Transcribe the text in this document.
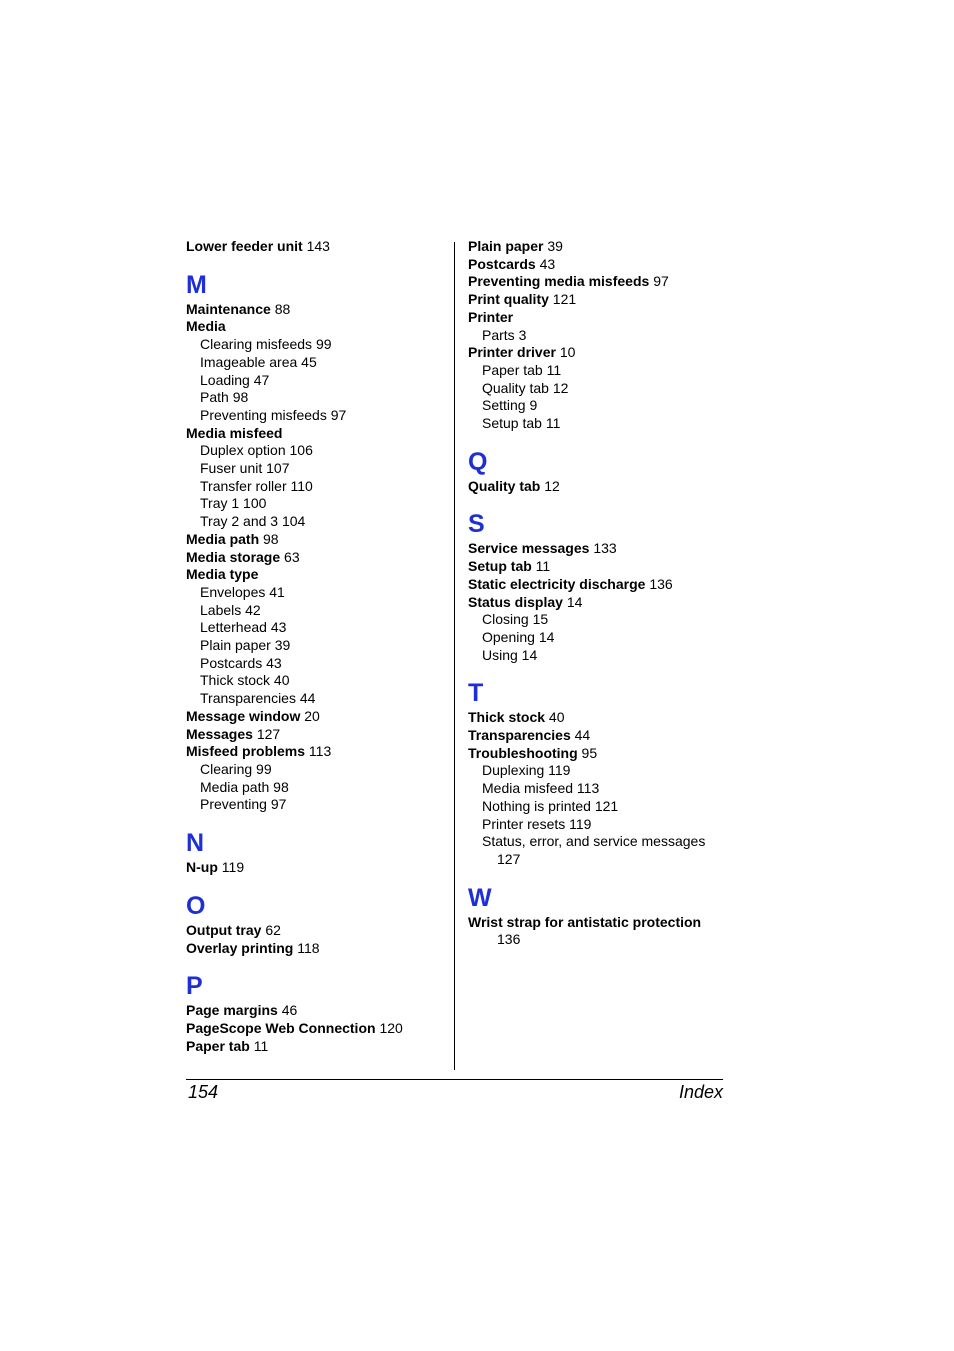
Lower feeder unit 143
M
Maintenance 88
Media
Clearing misfeeds 99
Imageable area 45
Loading 47
Path 98
Preventing misfeeds 97
Media misfeed
Duplex option 106
Fuser unit 107
Transfer roller 110
Tray 1 100
Tray 2 and 3 104
Media path 98
Media storage 63
Media type
Envelopes 41
Labels 42
Letterhead 43
Plain paper 39
Postcards 43
Thick stock 40
Transparencies 44
Message window 20
Messages 127
Misfeed problems 113
Clearing 99
Media path 98
Preventing 97
N
N-up 119
O
Output tray 62
Overlay printing 118
P
Page margins 46
PageScope Web Connection 120
Paper tab 11
Plain paper 39
Postcards 43
Preventing media misfeeds 97
Print quality 121
Printer
Parts 3
Printer driver 10
Paper tab 11
Quality tab 12
Setting 9
Setup tab 11
Q
Quality tab 12
S
Service messages 133
Setup tab 11
Static electricity discharge 136
Status display 14
Closing 15
Opening 14
Using 14
T
Thick stock 40
Transparencies 44
Troubleshooting 95
Duplexing 119
Media misfeed 113
Nothing is printed 121
Printer resets 119
Status, error, and service messages
127
W
Wrist strap for antistatic protection
136
154	Index
